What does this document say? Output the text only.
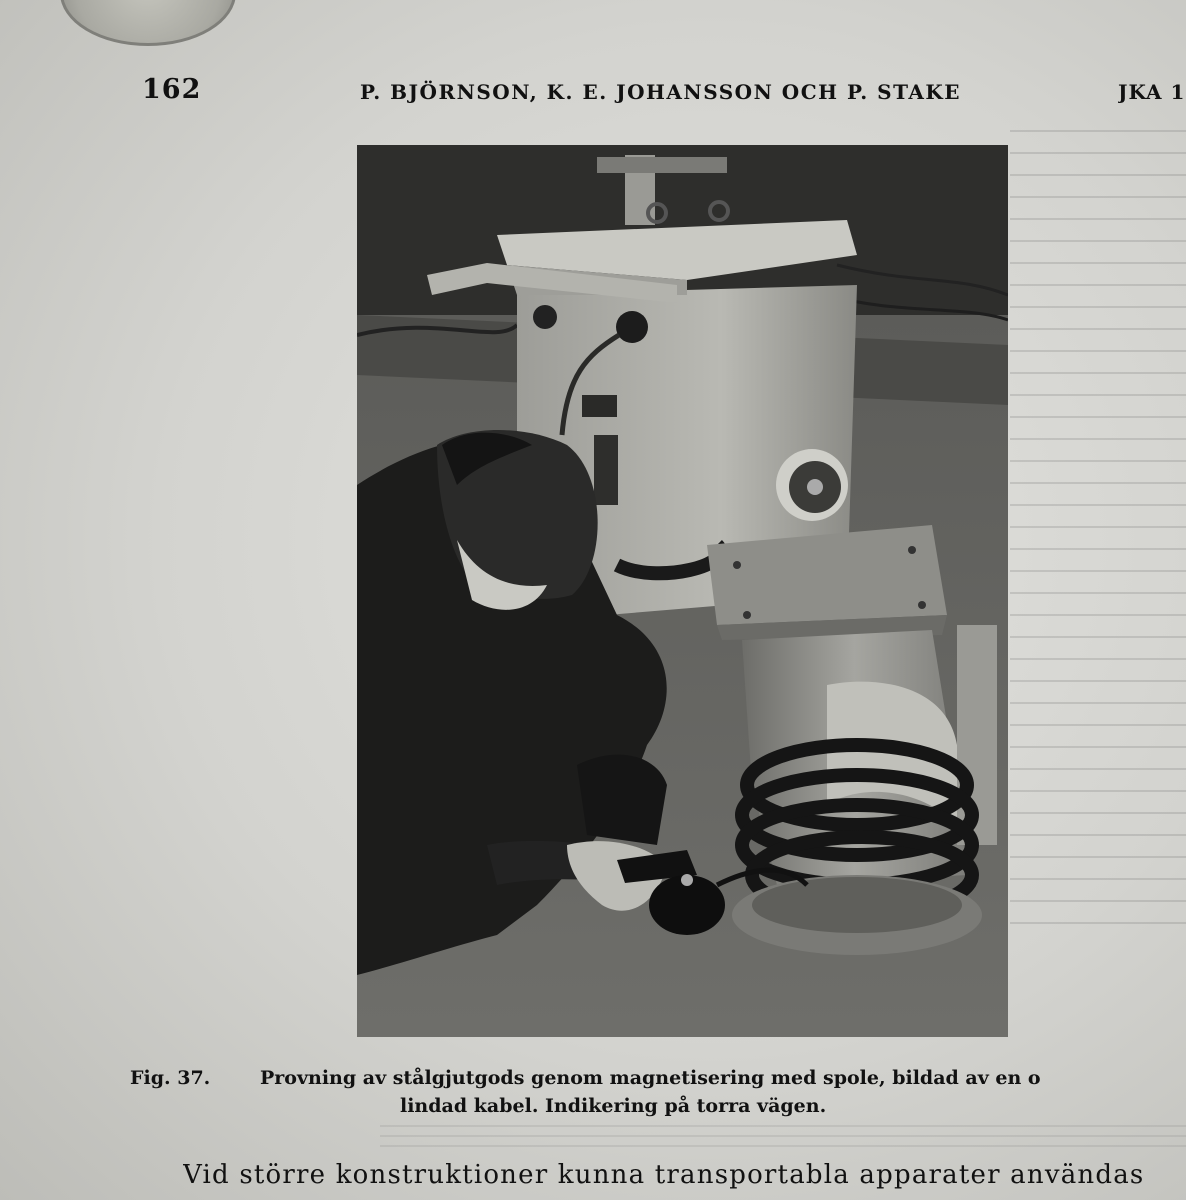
162	P. BJÖRNSON, K. E. JOHANSSON OCH P. STAKE	JKA 1
Fig. 37.	Provning av stålgjutgods genom magnetisering med spole, bildad av en o
lindad kabel. Indikering på torra vägen.
Vid större konstruktioner kunna transportabla apparater användas
